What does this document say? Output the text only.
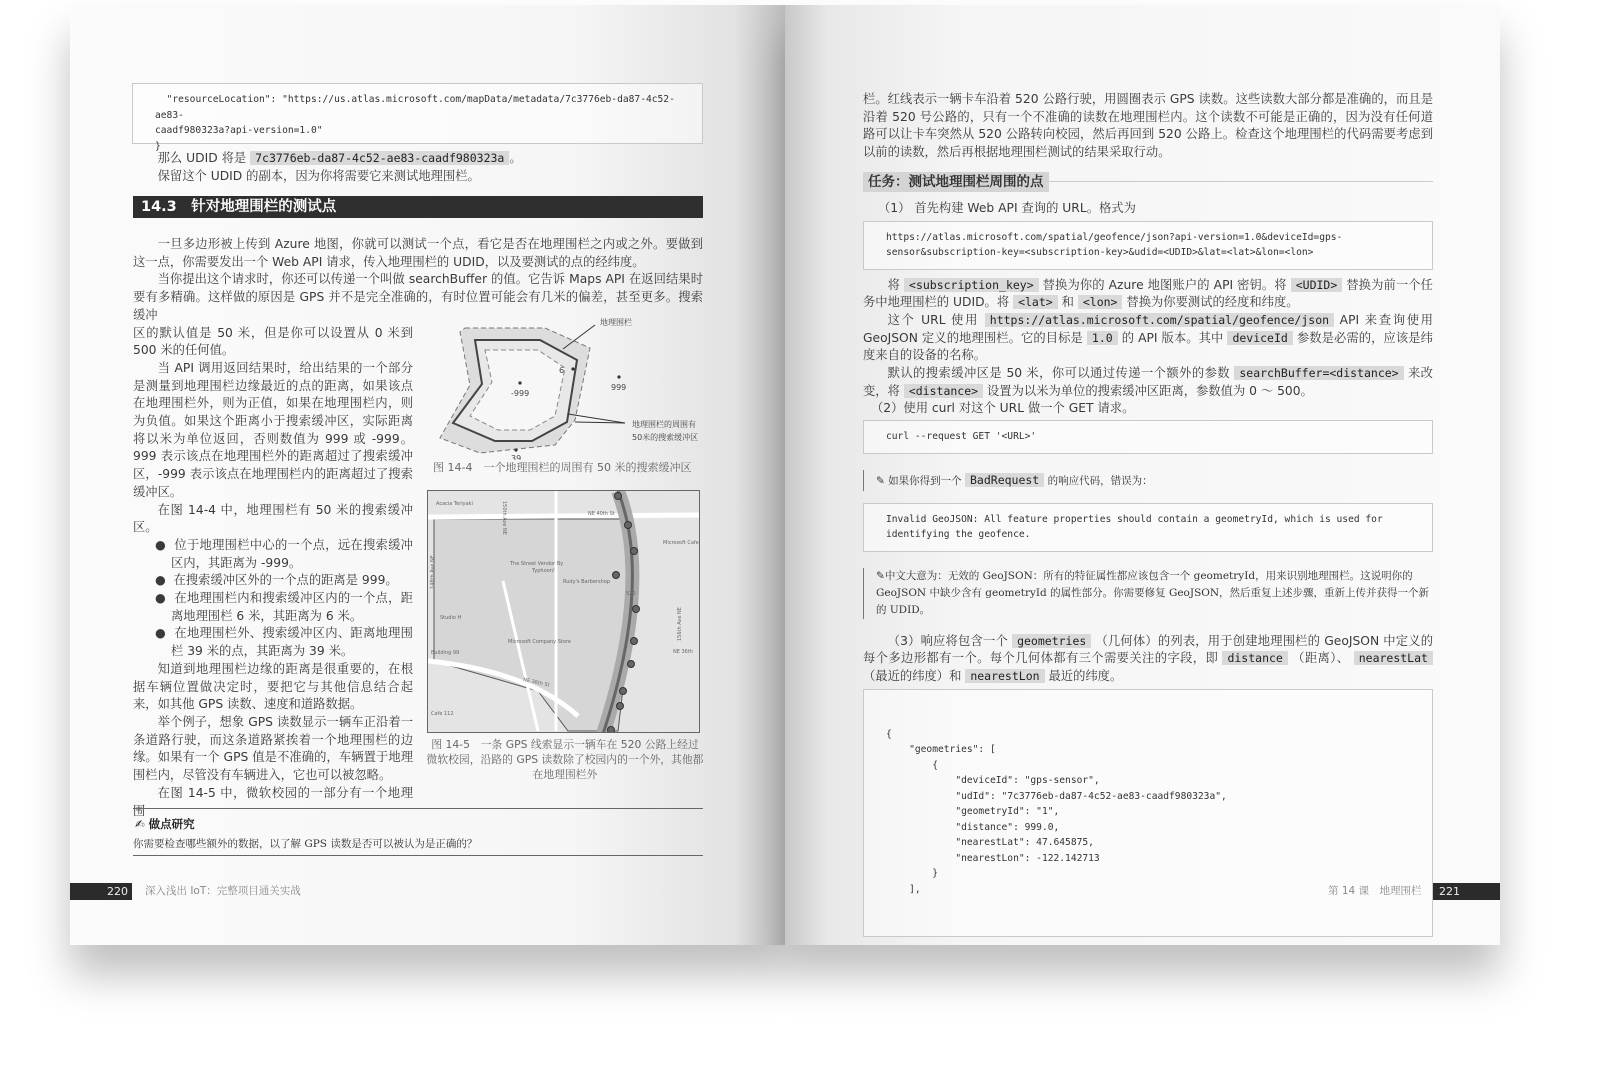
"resourceLocation": "https://us.atlas.microsoft.com/mapData/metadata/7c3776eb-da87-4c52-ae83-
caadf980323a?api-version=1.0"
}
那么 UDID 将是 7c3776eb-da87-4c52-ae83-caadf980323a 。
保留这个 UDID 的副本，因为你将需要它来测试地理围栏。
14.3　针对地理围栏的测试点
一旦多边形被上传到 Azure 地图，你就可以测试一个点，看它是否在地理围栏之内或之外。要做到这一点，你需要发出一个 Web API 请求，传入地理围栏的 UDID，以及要测试的点的经纬度。
当你提出这个请求时，你还可以传递一个叫做 searchBuffer 的值。它告诉 Maps API 在返回结果时要有多精确。这样做的原因是 GPS 并不是完全准确的，有时位置可能会有几米的偏差，甚至更多。搜索缓冲
区的默认值是 50 米，但是你可以设置从 0 米到 500 米的任何值。
当 API 调用返回结果时，给出结果的一个部分是测量到地理围栏边缘最近的点的距离，如果该点在地理围栏外，则为正值，如果在地理围栏内，则为负值。如果这个距离小于搜索缓冲区，实际距离将以米为单位返回，否则数值为 999 或 -999。999 表示该点在地理围栏外的距离超过了搜索缓冲区，-999 表示该点在地理围栏内的距离超过了搜索缓冲区。
在图 14-4 中，地理围栏有 50 米的搜索缓冲区。
●  位于地理围栏中心的一个点，远在搜索缓冲区内，其距离为 -999。
●  在搜索缓冲区外的一个点的距离是 999。
●  在地理围栏内和搜索缓冲区内的一个点，距离地理围栏 6 米，其距离为 6 米。
●  在地理围栏外、搜索缓冲区内、距离地理围栏 39 米的点，其距离为 39 米。
知道到地理围栏边缘的距离是很重要的，在根据车辆位置做决定时，要把它与其他信息结合起来，如其他 GPS 读数、速度和道路数据。
举个例子，想象 GPS 读数显示一辆车正沿着一条道路行驶，而这条道路紧挨着一个地理围栏的边缘。如果有一个 GPS 值是不准确的，车辆置于地理围栏内，尽管没有车辆进入，它也可以被忽略。
在图 14-5 中，微软校园的一部分有一个地理围
地理围栏
-999
999
6
39
地理围栏的周围有
50米的搜索缓冲区
图 14-4　一个地理围栏的周围有 50 米的搜索缓冲区
Acacia Teriyaki
NE 40th St
150th Ave NE
Microsoft Cafe
148th Ave NE	The Street Vendor By
Typhoon!
Rudy's Barbershop
Studio H
520
156th Ave NE
NE 36th
Microsoft Company Store
Building 99
NE 36th St
Cafe 112
图 14-5　一条 GPS 线索显示一辆车在 520 公路上经过
微软校园，沿路的 GPS 读数除了校园内的一个外，其他都
在地理围栏外
✍ 做点研究
你需要检查哪些额外的数据，以了解 GPS 读数是否可以被认为是正确的？
220	深入浅出 IoT：完整项目通关实战
栏。红线表示一辆卡车沿着 520 公路行驶，用圆圈表示 GPS 读数。这些读数大部分都是准确的，而且是沿着 520 号公路的，只有一个不准确的读数在地理围栏内。这个读数不可能是正确的，因为没有任何道路可以让卡车突然从 520 公路转向校园，然后再回到 520 公路上。检查这个地理围栏的代码需要考虑到以前的读数，然后再根据地理围栏测试的结果采取行动。
任务：测试地理围栏周围的点
（1） 首先构建 Web API 查询的 URL。格式为
https://atlas.microsoft.com/spatial/geofence/json?api-version=1.0&deviceId=gps-
sensor&subscription-key=<subscription-key>&udid=<UDID>&lat=<lat>&lon=<lon>
将 <subscription_key> 替换为你的 Azure 地图账户的 API 密钥。将 <UDID> 替换为前一个任务中地理围栏的 UDID。将 <lat> 和 <lon> 替换为你要测试的经度和纬度。
这个 URL 使用 https://atlas.microsoft.com/spatial/geofence/json API 来查询使用 GeoJSON 定义的地理围栏。它的目标是 1.0 的 API 版本。其中 deviceId 参数是必需的，应该是纬度来自的设备的名称。
默认的搜索缓冲区是 50 米，你可以通过传递一个额外的参数 searchBuffer=<distance> 来改变，将 <distance> 设置为以米为单位的搜索缓冲区距离，参数值为 0 ～ 500。
（2）使用 curl 对这个 URL 做一个 GET 请求。
curl --request GET '<URL>'
✎ 如果你得到一个 BadRequest 的响应代码，错误为：
Invalid GeoJSON: All feature properties should contain a geometryId, which is used for
identifying the geofence.
✎中文大意为：无效的 GeoJSON：所有的特征属性都应该包含一个 geometryId，用来识别地理围栏。这说明你的 GeoJSON 中缺少含有 geometryId 的属性部分。你需要修复 GeoJSON，然后重复上述步骤，重新上传并获得一个新的 UDID。
（3）响应将包含一个 geometries （几何体）的列表，用于创建地理围栏的 GeoJSON 中定义的每个多边形都有一个。每个几何体都有三个需要关注的字段，即 distance （距离）、 nearestLat （最近的纬度）和 nearestLon 最近的纬度。

{
"geometries": [
{
"deviceId": "gps-sensor",
"udId": "7c3776eb-da87-4c52-ae83-caadf980323a",
"geometryId": "1",
"distance": 999.0,
"nearestLat": 47.645875,
"nearestLon": -122.142713
}
],

	第 14 课　地理围栏	221
